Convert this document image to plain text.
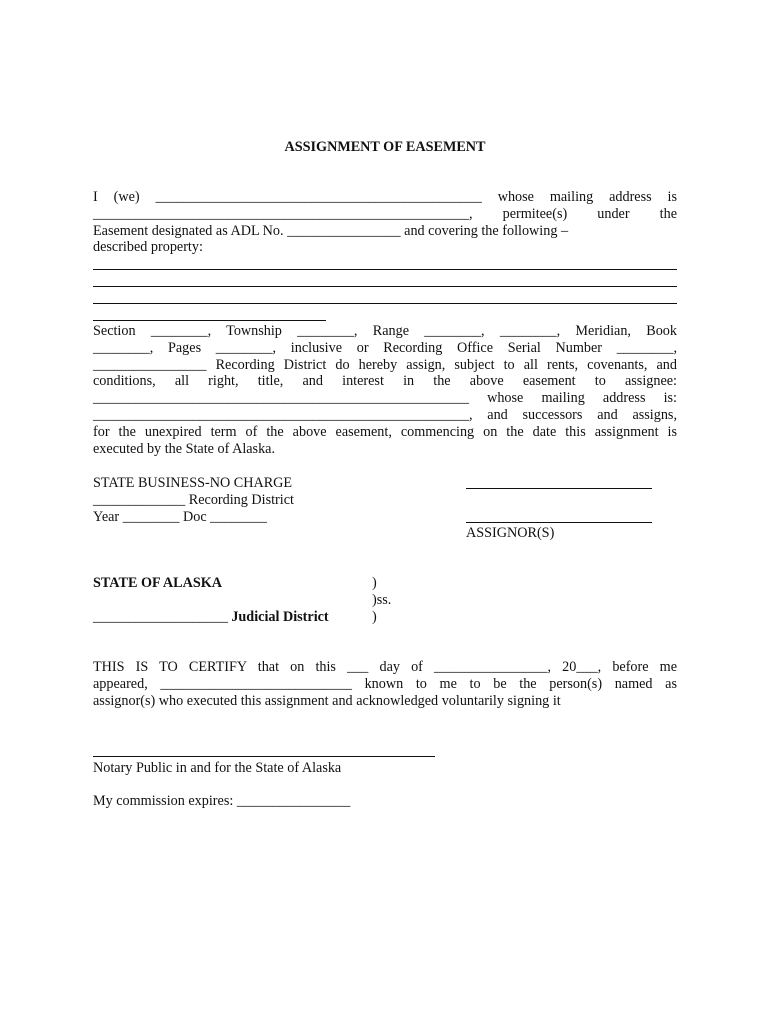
ASSIGNMENT OF EASEMENT
I (we) ______________________________________________ whose mailing address is
_____________________________________________________, permitee(s) under the
Easement designated as ADL No. ________________ and covering the following –
described property:
Section ________, Township ________, Range ________, ________, Meridian, Book
________, Pages ________, inclusive or Recording Office Serial Number ________,
________________ Recording District do hereby assign, subject to all rents, covenants, and
conditions, all right, title, and interest in the above easement to assignee:
_____________________________________________________ whose mailing address is:
_____________________________________________________, and successors and assigns,
for the unexpired term of the above easement, commencing on the date this assignment is
executed by the State of Alaska.
STATE BUSINESS-NO CHARGE
_____________ Recording District
Year ________ Doc ________
ASSIGNOR(S)
STATE OF ALASKA

___________________ Judicial District
)
)ss.
)
THIS IS TO CERTIFY that on this ___ day of ________________, 20___, before me
appeared, ___________________________ known to me to be the person(s) named as
assignor(s) who executed this assignment and acknowledged voluntarily signing it
Notary Public in and for the State of Alaska
My commission expires: ________________
